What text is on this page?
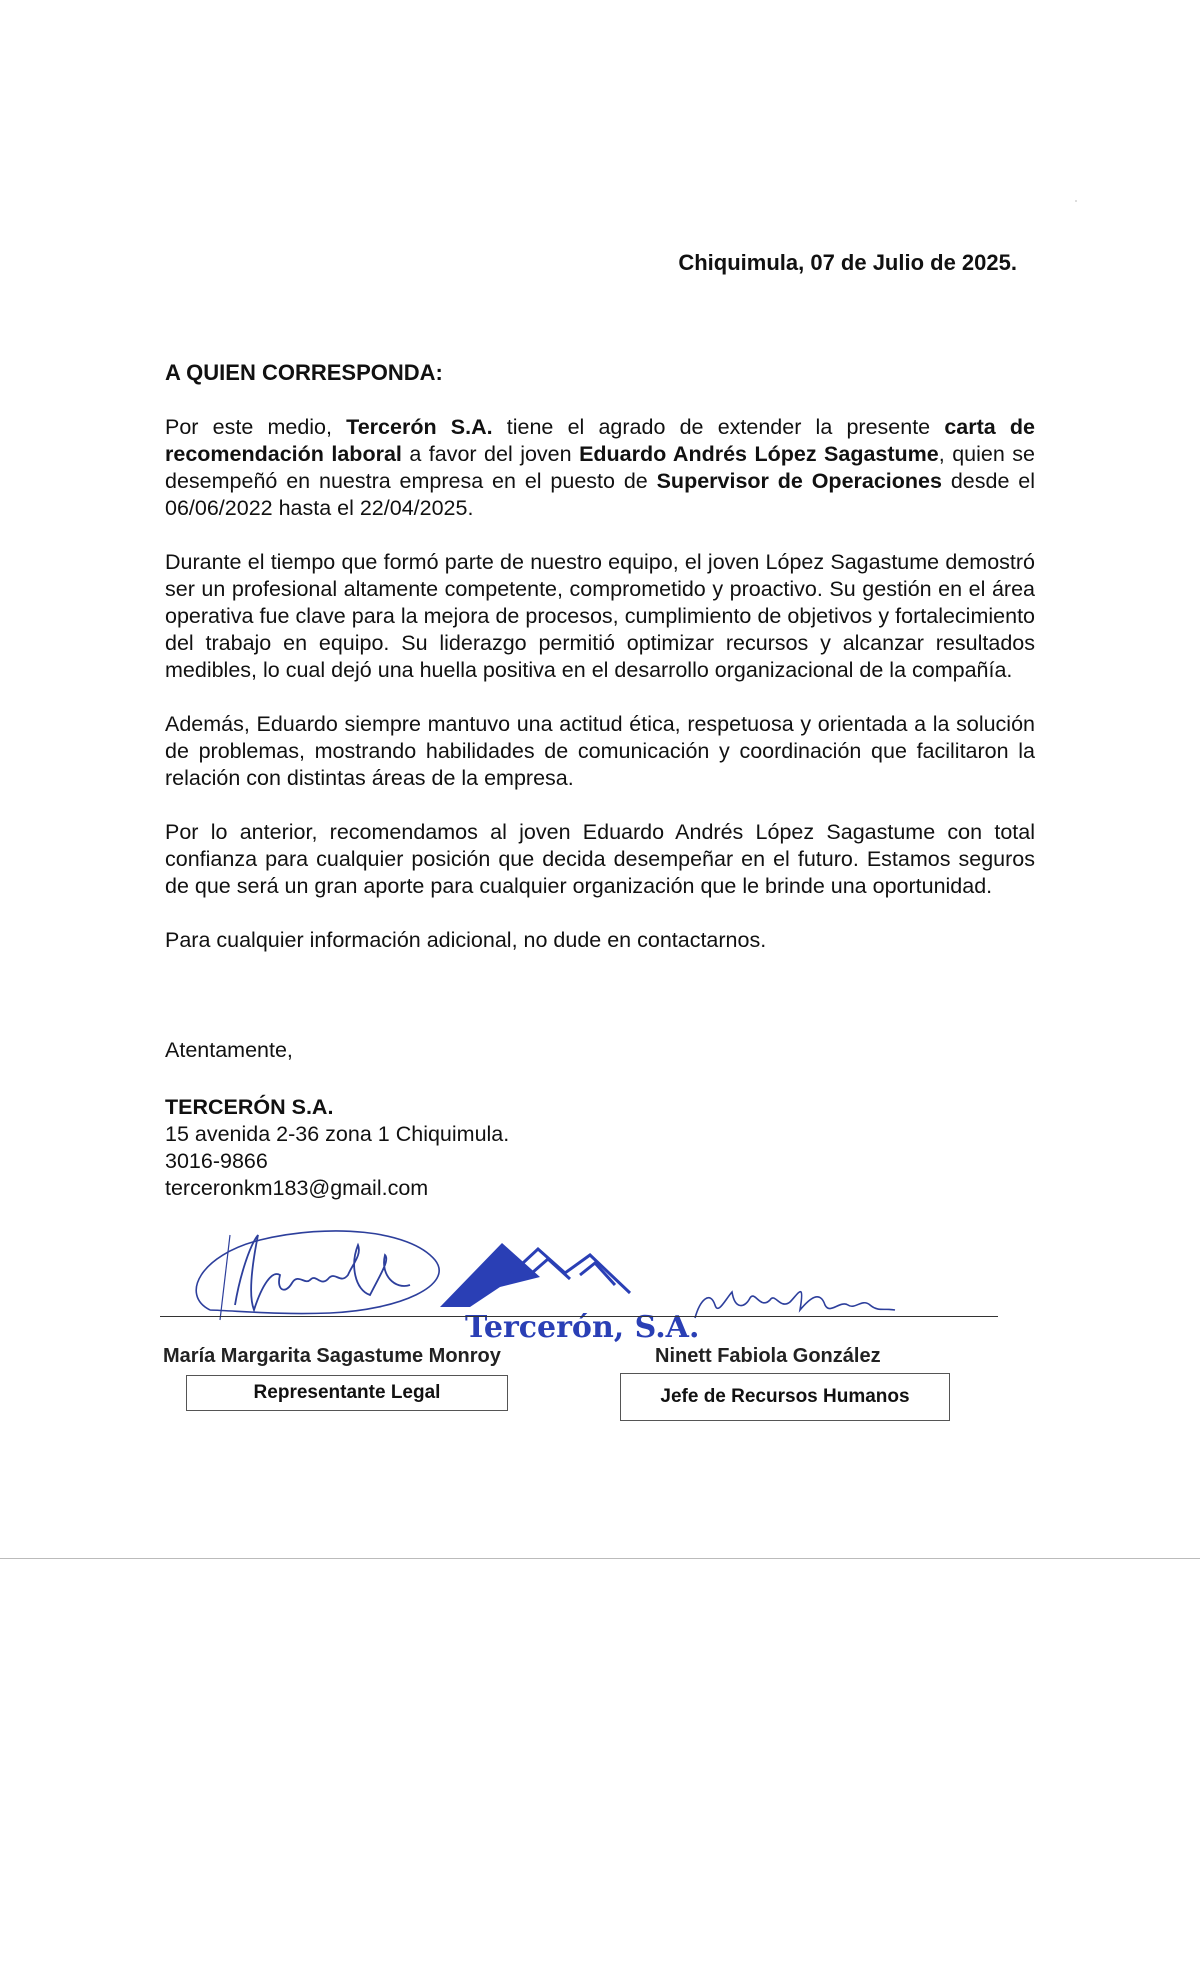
Chiquimula, 07 de Julio de 2025.
A QUIEN CORRESPONDA:

Por este medio, Tercerón S.A. tiene el agrado de extender la presente carta de recomendación laboral a favor del joven Eduardo Andrés López Sagastume, quien se desempeñó en nuestra empresa en el puesto de Supervisor de Operaciones desde el 06/06/2022 hasta el 22/04/2025.

Durante el tiempo que formó parte de nuestro equipo, el joven López Sagastume demostró ser un profesional altamente competente, comprometido y proactivo. Su gestión en el área operativa fue clave para la mejora de procesos, cumplimiento de objetivos y fortalecimiento del trabajo en equipo. Su liderazgo permitió optimizar recursos y alcanzar resultados medibles, lo cual dejó una huella positiva en el desarrollo organizacional de la compañía.

Además, Eduardo siempre mantuvo una actitud ética, respetuosa y orientada a la solución de problemas, mostrando habilidades de comunicación y coordinación que facilitaron la relación con distintas áreas de la empresa.

Por lo anterior, recomendamos al joven Eduardo Andrés López Sagastume con total confianza para cualquier posición que decida desempeñar en el futuro. Estamos seguros de que será un gran aporte para cualquier organización que le brinde una oportunidad.

Para cualquier información adicional, no dude en contactarnos.

Atentamente,
TERCERÓN S.A.
15 avenida 2-36 zona 1 Chiquimula.
3016-9866
terceronkm183@gmail.com
Tercerón, S.A.
María Margarita Sagastume Monroy	Ninett Fabiola González
Representante Legal	Jefe de Recursos Humanos
